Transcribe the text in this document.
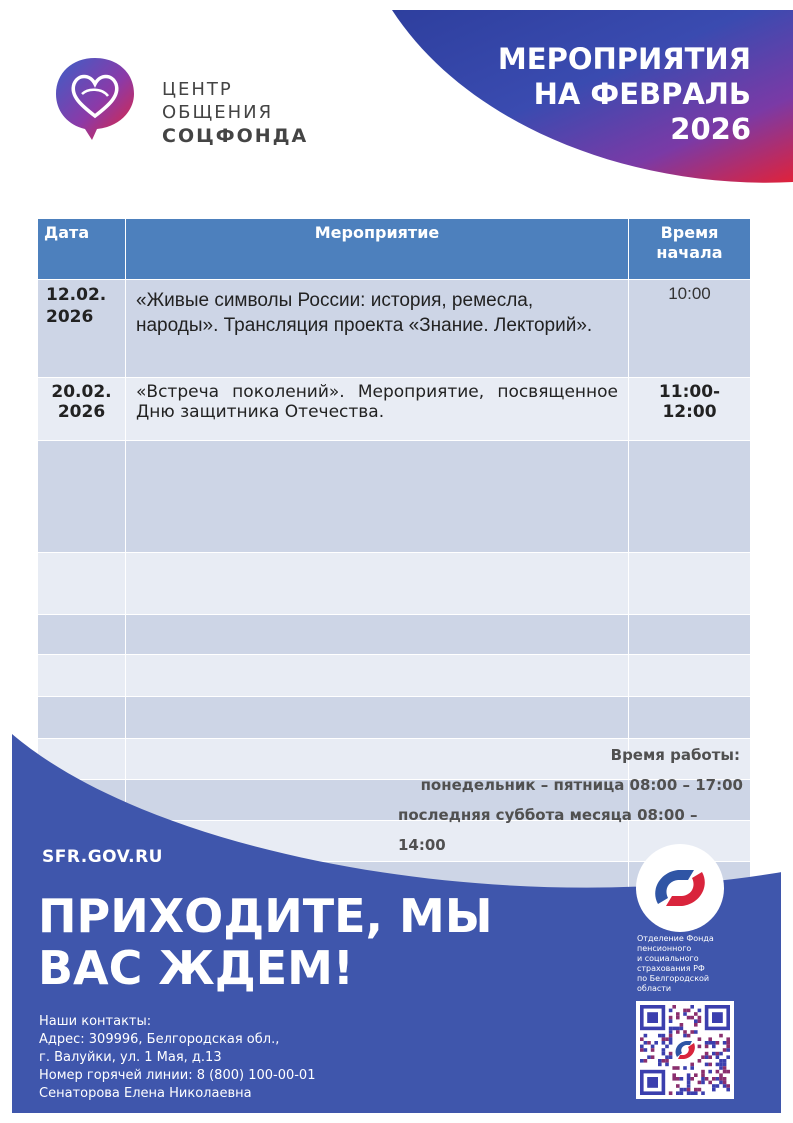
МЕРОПРИЯТИЯ
НА ФЕВРАЛЬ
2026
ЦЕНТР
ОБЩЕНИЯ
СОЦФОНДА
Дата	Мероприятие	Время начала
12.02. 2026	«Живые символы России: история, ремесла, народы». Трансляция проекта «Знание. Лекторий».	10:00
20.02. 2026	«Встреча поколений». Мероприятие, посвященное Дню защитника Отечества.	11:00-12:00

Время работы:
понедельник – пятница 08:00 – 17:00
последняя суббота месяца 08:00 – 14:00
SFR.GOV.RU
ПРИХОДИТЕ, МЫ ВАС ЖДЕМ!
Наши контакты:
Адрес: 309996, Белгородская обл.,
г. Валуйки, ул. 1 Мая, д.13
Номер горячей линии: 8 (800) 100-00-01
Сенаторова Елена Николаевна
Отделение Фонда
пенсионного
и социального
страхования РФ
по Белгородской
области
